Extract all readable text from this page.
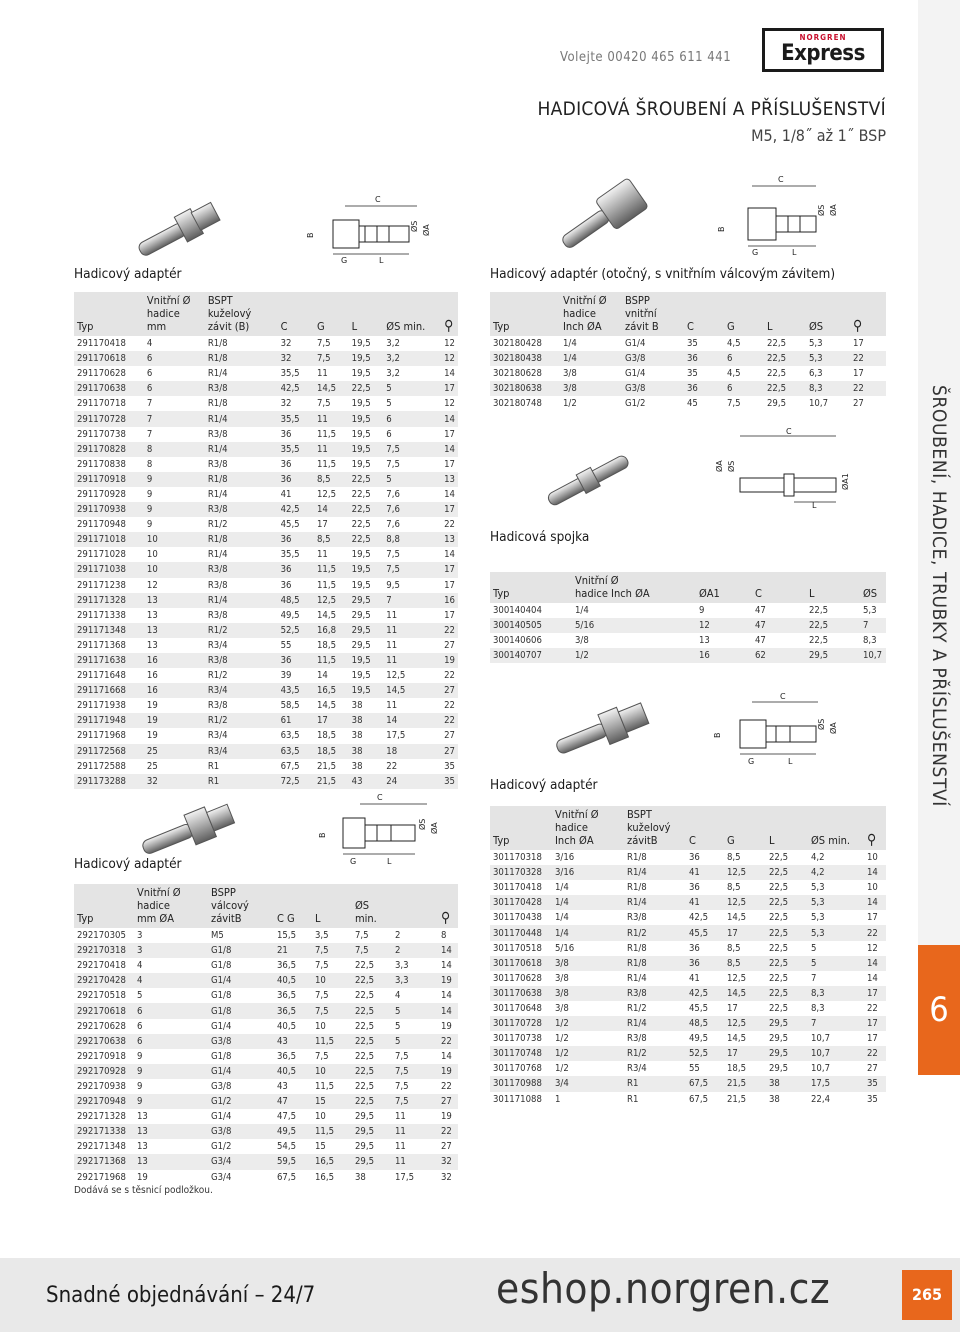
Volejte 00420 465 611 441
NORGREN
Express
HADICOVÁ ŠROUBENÍ A PŘÍSLUŠENSTVÍ
M5, 1/8˝ až 1˝ BSP
ŠROUBENÍ, HADICE, TRUBKY A PŘÍSLUŠENSTVÍ
6
C
G	L
B
ØS ØA
Hadicový adaptér
Typ	Vnitřní Ø
hadice mm	BSPT
kuželový
závit (B)	C	G	L	ØS min.	⚲
291170418	4	R1/8	32	7,5	19,5	3,2	12
291170618	6	R1/8	32	7,5	19,5	3,2	12
291170628	6	R1/4	35,5	11	19,5	3,2	14
291170638	6	R3/8	42,5	14,5	22,5	5	17
291170718	7	R1/8	32	7,5	19,5	5	12
291170728	7	R1/4	35,5	11	19,5	6	14
291170738	7	R3/8	36	11,5	19,5	6	17
291170828	8	R1/4	35,5	11	19,5	7,5	14
291170838	8	R3/8	36	11,5	19,5	7,5	17
291170918	9	R1/8	36	8,5	22,5	5	13
291170928	9	R1/4	41	12,5	22,5	7,6	14
291170938	9	R3/8	42,5	14	22,5	7,6	17
291170948	9	R1/2	45,5	17	22,5	7,6	22
291171018	10	R1/8	36	8,5	22,5	8,8	13
291171028	10	R1/4	35,5	11	19,5	7,5	14
291171038	10	R3/8	36	11,5	19,5	7,5	17
291171238	12	R3/8	36	11,5	19,5	9,5	17
291171328	13	R1/4	48,5	12,5	29,5	7	16
291171338	13	R3/8	49,5	14,5	29,5	11	17
291171348	13	R1/2	52,5	16,8	29,5	11	22
291171368	13	R3/4	55	18,5	29,5	11	27
291171638	16	R3/8	36	11,5	19,5	11	19
291171648	16	R1/2	39	14	19,5	12,5	22
291171668	16	R3/4	43,5	16,5	19,5	14,5	27
291171938	19	R3/8	58,5	14,5	38	11	22
291171948	19	R1/2	61	17	38	14	22
291171968	19	R3/4	63,5	18,5	38	17,5	27
291172568	25	R3/4	63,5	18,5	38	18	27
291172588	25	R1	67,5	21,5	38	22	35
291173288	32	R1	72,5	21,5	43	24	35
C
G	L
B
ØS ØA
Hadicový adaptér
Typ	Vnitřní Ø
hadice
mm ØA	BSPP
válcový
závitB	C G	L	ØS min.		⚲
292170305	3	M5	15,5	3,5	7,5	2	8
292170318	3	G1/8	21	7,5	7,5	2	14
292170418	4	G1/8	36,5	7,5	22,5	3,3	14
292170428	4	G1/4	40,5	10	22,5	3,3	19
292170518	5	G1/8	36,5	7,5	22,5	4	14
292170618	6	G1/8	36,5	7,5	22,5	5	14
292170628	6	G1/4	40,5	10	22,5	5	19
292170638	6	G3/8	43	11,5	22,5	5	22
292170918	9	G1/8	36,5	7,5	22,5	7,5	14
292170928	9	G1/4	40,5	10	22,5	7,5	19
292170938	9	G3/8	43	11,5	22,5	7,5	22
292170948	9	G1/2	47	15	22,5	7,5	27
292171328	13	G1/4	47,5	10	29,5	11	19
292171338	13	G3/8	49,5	11,5	29,5	11	22
292171348	13	G1/2	54,5	15	29,5	11	27
292171368	13	G3/4	59,5	16,5	29,5	11	32
292171968	19	G3/4	67,5	16,5	38	17,5	32
Dodává se s těsnicí podložkou.
C
G	L
B
ØS ØA
Hadicový adaptér (otočný, s vnitřním válcovým závitem)
Typ	Vnitřní Ø
hadice
Inch ØA	BSPP
vnitřní
závit B	C	G	L	ØS	⚲
302180428	1/4	G1/4	35	4,5	22,5	5,3	17
302180438	1/4	G3/8	36	6	22,5	5,3	22
302180628	3/8	G1/4	35	4,5	22,5	6,3	17
302180638	3/8	G3/8	36	6	22,5	8,3	22
302180748	1/2	G1/2	45	7,5	29,5	10,7	27
C
L
ØA ØS
ØA1
Hadicová spojka
Typ	Vnitřní Ø
hadice Inch ØA	ØA1	C	L	ØS
300140404	1/4	9	47	22,5	5,3
300140505	5/16	12	47	22,5	7
300140606	3/8	13	47	22,5	8,3
300140707	1/2	16	62	29,5	10,7
C
G	L
B
ØS ØA
Hadicový adaptér
Typ	Vnitřní Ø
hadice
Inch ØA	BSPT
kuželový
závitB	C	G	L	ØS min.	⚲
301170318	3/16	R1/8	36	8,5	22,5	4,2	10
301170328	3/16	R1/4	41	12,5	22,5	4,2	14
301170418	1/4	R1/8	36	8,5	22,5	5,3	10
301170428	1/4	R1/4	41	12,5	22,5	5,3	14
301170438	1/4	R3/8	42,5	14,5	22,5	5,3	17
301170448	1/4	R1/2	45,5	17	22,5	5,3	22
301170518	5/16	R1/8	36	8,5	22,5	5	12
301170618	3/8	R1/8	36	8,5	22,5	5	14
301170628	3/8	R1/4	41	12,5	22,5	7	14
301170638	3/8	R3/8	42,5	14,5	22,5	8,3	17
301170648	3/8	R1/2	45,5	17	22,5	8,3	22
301170728	1/2	R1/4	48,5	12,5	29,5	7	17
301170738	1/2	R3/8	49,5	14,5	29,5	10,7	17
301170748	1/2	R1/2	52,5	17	29,5	10,7	22
301170768	1/2	R3/4	55	18,5	29,5	10,7	27
301170988	3/4	R1	67,5	21,5	38	17,5	35
301171088	1	R1	67,5	21,5	38	22,4	35
Snadné objednávání – 24/7	eshop.norgren.cz	265
